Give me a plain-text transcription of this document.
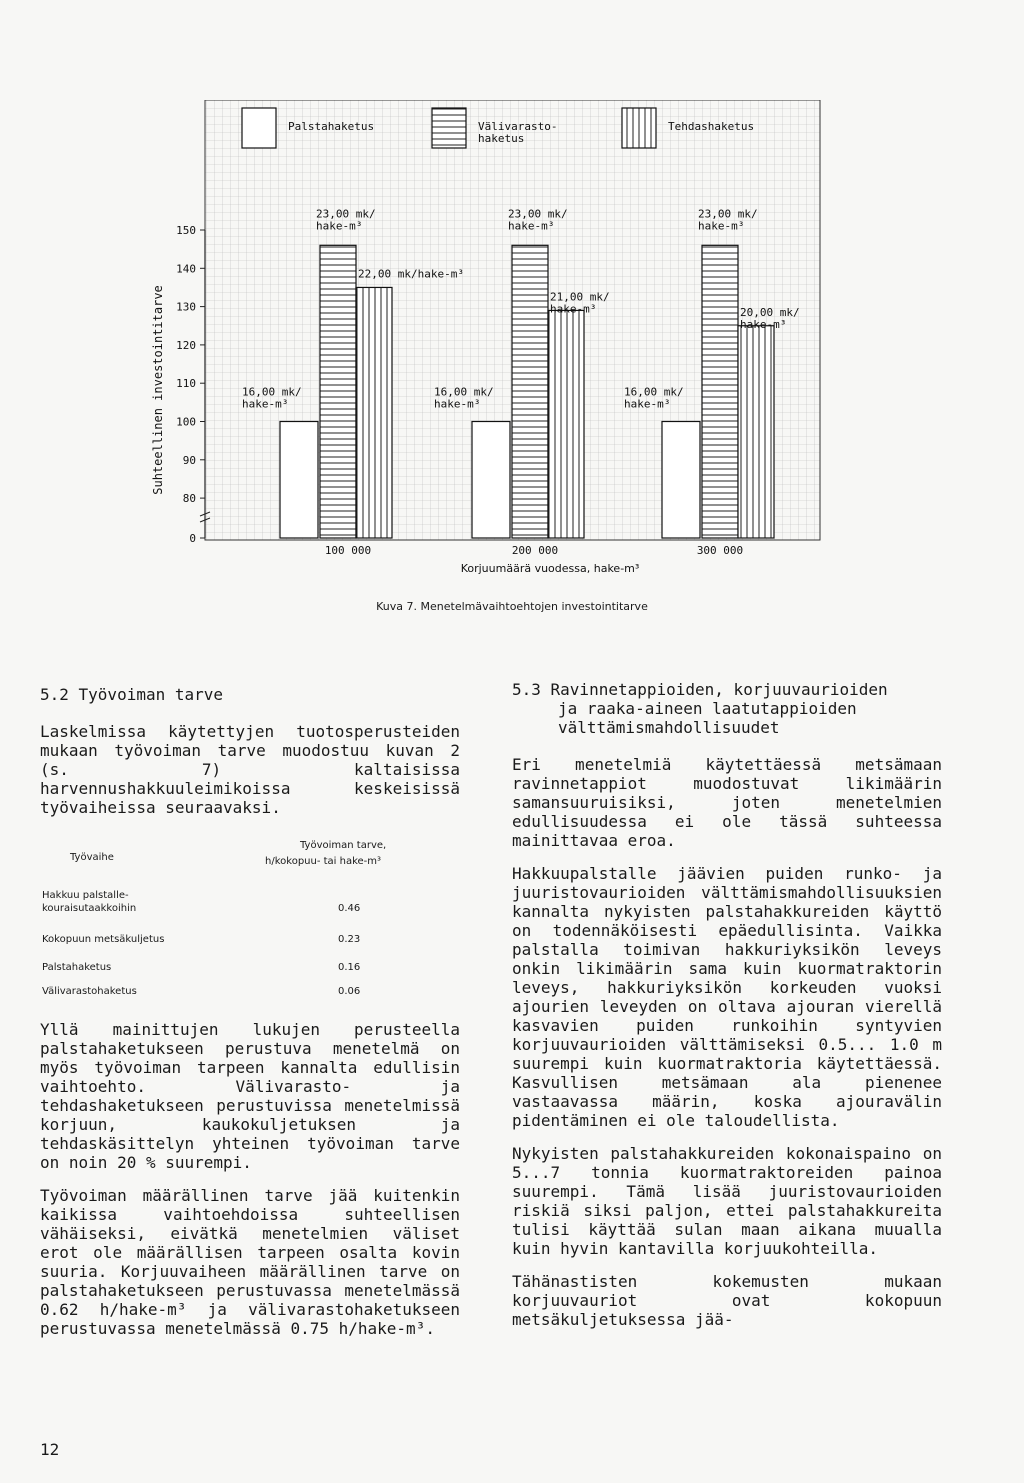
Palstahaketus	Välivarasto-haketus
Tehdashaketus
150
140
130
120
110
100
90
80
0
Suhteellinen investointitarve
100 000	200 000	300 000
Korjuumäärä vuodessa, hake-m³
16,00 mk/ hake-m³
23,00 mk/ hake-m³
22,00 mk/hake-m³
16,00 mk/ hake-m³
23,00 mk/ hake-m³
21,00 mk/ hake-m³
16,00 mk/ hake-m³
23,00 mk/ hake-m³
20,00 mk/ hake-m³
Kuva 7. Menetelmävaihtoehtojen investointitarve
5.2 Työvoiman tarve

Laskelmissa käytettyjen tuotosperusteiden mukaan työvoiman tarve muodostuu kuvan 2 (s. 7) kaltaisissa harvennushakkuuleimikoissa keskeisissä työvaiheissa seuraavaksi.

Työvaihe
Työvoiman tarve,
h/kokopuu- tai hake-m³
Hakkuu palstalle-
kouraisutaakkoihin	0.46
Kokopuun metsäkuljetus	0.23
Palstahaketus	0.16
Välivarastohaketus	0.06

Yllä mainittujen lukujen perusteella palstahaketukseen perustuva menetelmä on myös työvoiman tarpeen kannalta edullisin vaihtoehto. Välivarasto- ja tehdashaketukseen perustuvissa menetelmissä korjuun, kaukokuljetuksen ja tehdaskäsittelyn yhteinen työvoiman tarve on noin 20 % suurempi.

Työvoiman määrällinen tarve jää kuitenkin kaikissa vaihtoehdoissa suhteellisen vähäiseksi, eivätkä menetelmien väliset erot ole määrällisen tarpeen osalta kovin suuria. Korjuuvaiheen määrällinen tarve on palstahaketukseen perustuvassa menetelmässä 0.62 h/hake-m³ ja välivarastohaketukseen perustuvassa menetelmässä 0.75 h/hake-m³.

5.3 Ravinnetappioiden, korjuuvaurioiden
ja raaka-aineen laatutappioiden
välttämismahdollisuudet

Eri menetelmiä käytettäessä metsämaan ravinnetappiot muodostuvat likimäärin samansuuruisiksi, joten menetelmien edullisuudessa ei ole tässä suhteessa mainittavaa eroa.

Hakkuupalstalle jäävien puiden runko- ja juuristovaurioiden välttämismahdollisuuksien kannalta nykyisten palstahakkureiden käyttö on todennäköisesti epäedullisinta. Vaikka palstalla toimivan hakkuriyksikön leveys onkin likimäärin sama kuin kuormatraktorin leveys, hakkuriyksikön korkeuden vuoksi ajourien leveyden on oltava ajouran vierellä kasvavien puiden runkoihin syntyvien korjuuvaurioiden välttämiseksi 0.5... 1.0 m suurempi kuin kuormatraktoria käytettäessä. Kasvullisen metsämaan ala pienenee vastaavassa määrin, koska ajouravälin pidentäminen ei ole taloudellista.

Nykyisten palstahakkureiden kokonaispaino on 5...7 tonnia kuormatraktoreiden painoa suurempi. Tämä lisää juuristovaurioiden riskiä siksi paljon, ettei palstahakkureita tulisi käyttää sulan maan aikana muualla kuin hyvin kantavilla korjuukohteilla.

Tähänastisten kokemusten mukaan korjuuvauriot ovat kokopuun metsäkuljetuksessa jää-

12
